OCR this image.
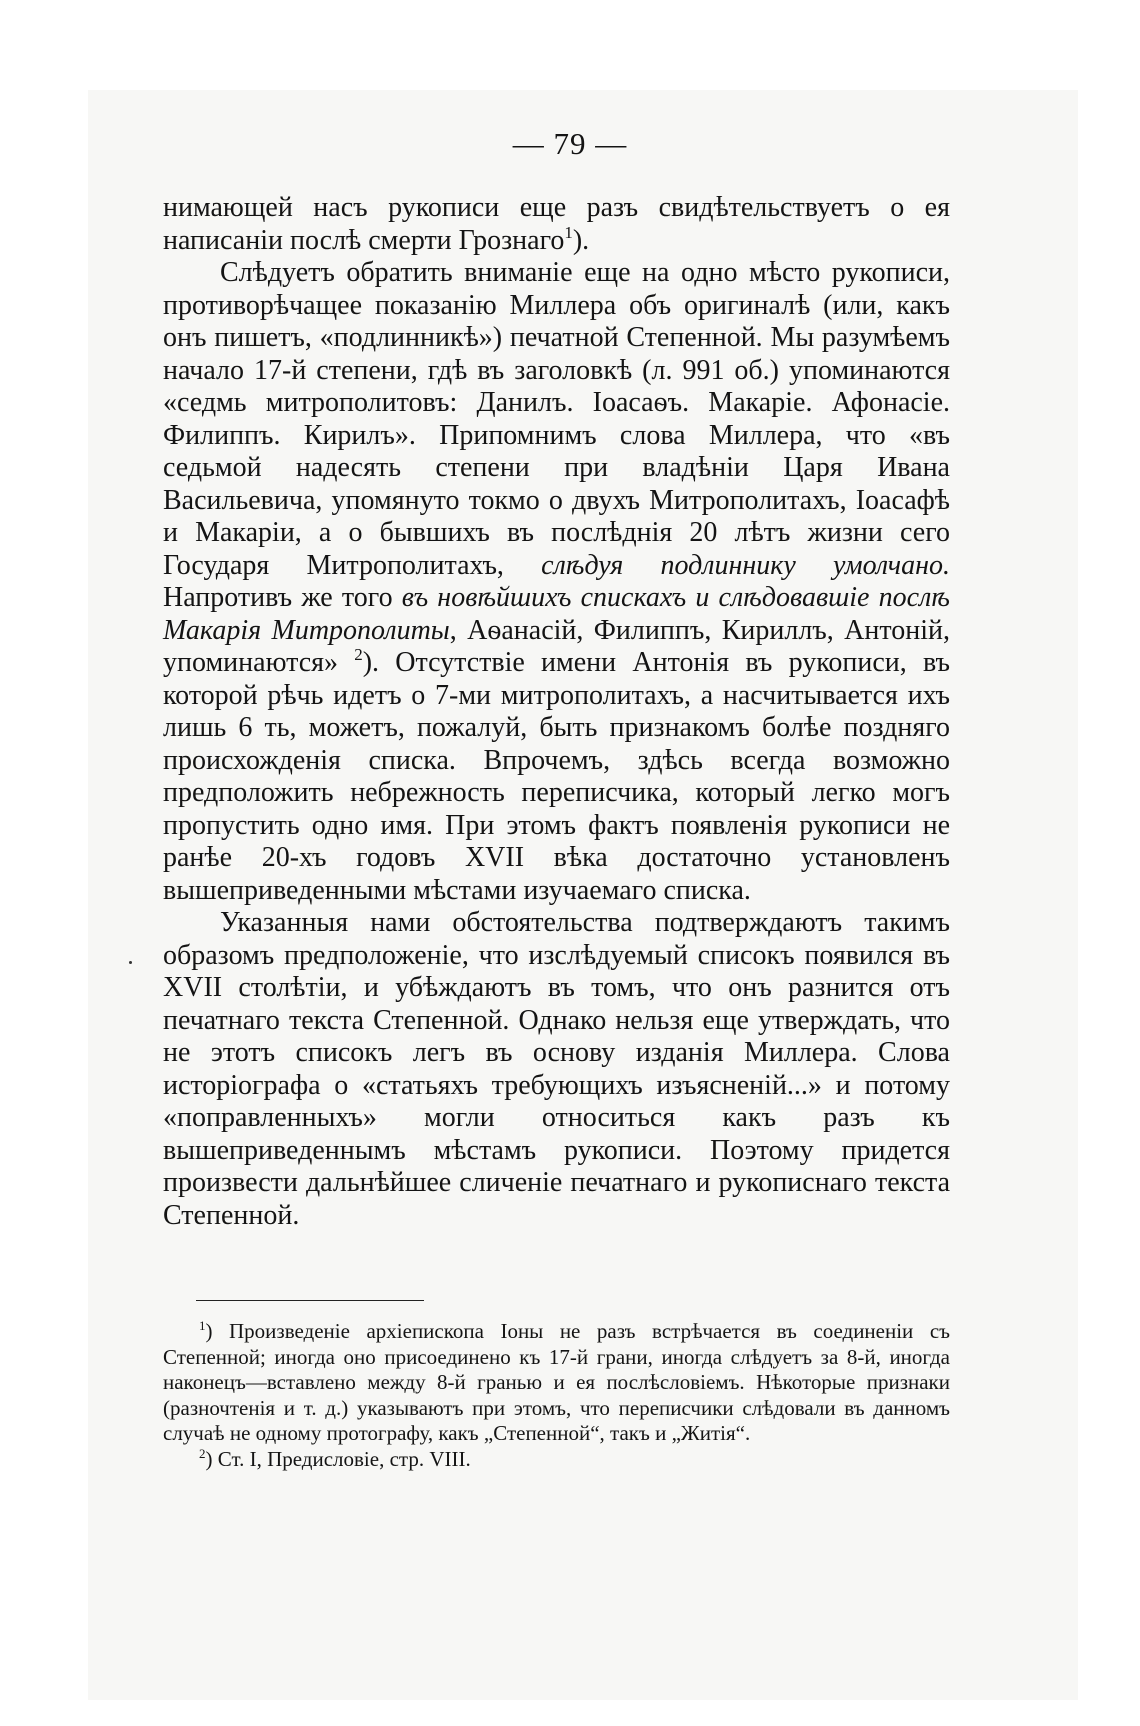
— 79 —

нимающей насъ рукописи еще разъ свидѣтельствуетъ о ея написаніи послѣ смерти Грознаго$^1$).

Слѣдуетъ обратить вниманіе еще на одно мѣсто рукописи, противорѣчащее показанію Миллера объ оригиналѣ (или, какъ онъ пишетъ, «подлинникѣ») печатной Степенной. Мы разумѣемъ начало 17-й степени, гдѣ въ заголовкѣ (л. 991 об.) упоминаются «седмь митрополитовъ: Данилъ. Іоасаѳъ. Макаріе. Афонасіе. Филиппъ. Кирилъ». Припомнимъ слова Миллера, что «въ седьмой надесять степени при владѣніи Царя Ивана Васильевича, упомянуто токмо о двухъ Митрополитахъ, Іоасафѣ и Макаріи, а о бывшихъ въ послѣднія 20 лѣтъ жизни сего Государя Митрополитахъ, слѣдуя подлиннику умолчано. Напротивъ же того въ новѣйшихъ спискахъ и слѣдовавшіе послѣ Макарія Митрополиты, Аѳанасій, Филиппъ, Кириллъ, Антоній, упоминаются» $^2$). Отсутствіе имени Антонія въ рукописи, въ которой рѣчь идетъ о 7-ми митрополитахъ, а насчитывается ихъ лишь 6 ть, можетъ, пожалуй, быть признакомъ болѣе поздняго происхожденія списка. Впрочемъ, здѣсь всегда возможно предположить небрежность переписчика, который легко могъ пропустить одно имя. При этомъ фактъ появленія рукописи не ранѣе 20-хъ годовъ XVII вѣка достаточно установленъ вышеприведенными мѣстами изучаемаго списка.

Указанныя нами обстоятельства подтверждаютъ такимъ образомъ предположеніе, что изслѣдуемый списокъ появился въ XVII столѣтіи, и убѣждаютъ въ томъ, что онъ разнится отъ печатнаго текста Степенной. Однако нельзя еще утверждать, что не этотъ списокъ легъ въ основу изданія Миллера. Слова исторіографа о «статьяхъ требующихъ изъясненій...» и потому «поправленныхъ» могли относиться какъ разъ къ вышеприведеннымъ мѣстамъ рукописи. Поэтому придется произвести дальнѣйшее сличеніе печатнаго и рукописнаго текста Степенной.

$^1$) Произведеніе архіепископа Іоны не разъ встрѣчается въ соединеніи съ Степенной; иногда оно присоединено къ 17-й грани, иногда слѣдуетъ за 8-й, иногда наконецъ—вставлено между 8-й гранью и ея послѣсловіемъ. Нѣкоторые признаки (разночтенія и т. д.) указываютъ при этомъ, что переписчики слѣдовали въ данномъ случаѣ не одному протографу, какъ „Степенной“, такъ и „Житія“.

$^2$) Ст. I, Предисловіе, стр. VIII.
